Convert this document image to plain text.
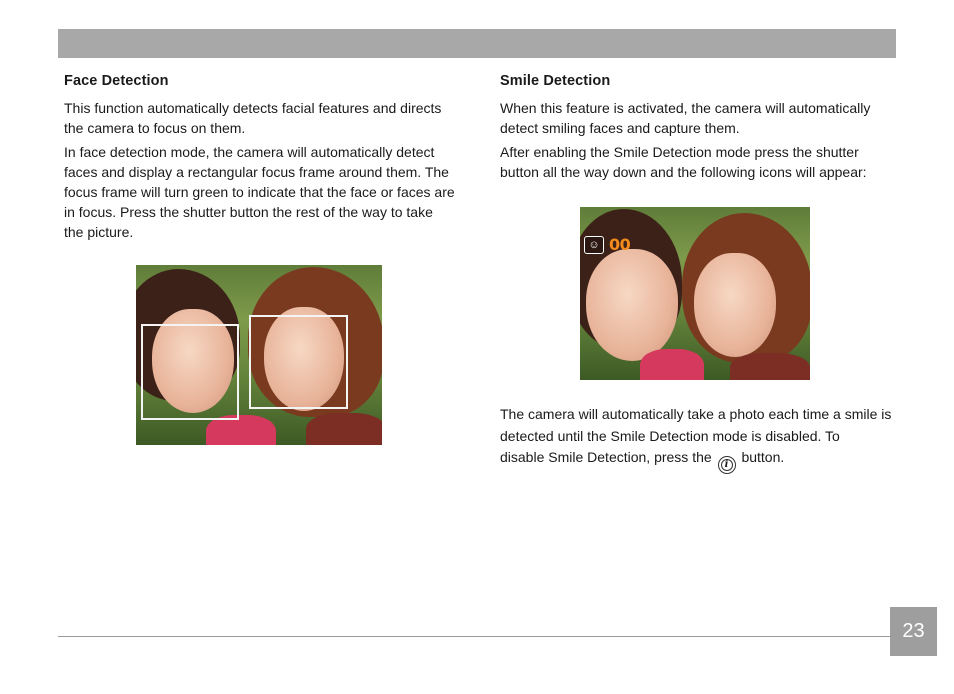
Face Detection

This function automatically detects facial features and directs the camera to focus on them.

In face detection mode, the camera will automatically detect faces and display a rectangular focus frame around them. The focus frame will turn green to indicate that the face or faces are in focus. Press the shutter button the rest of the way to take the picture.

Smile Detection

When this feature is activated, the camera will automatically detect smiling faces and capture them.

After enabling the Smile Detection mode press the shutter button all the way down and the following icons will appear:

☺ 00

The camera will automatically take a photo each time a smile is detected until the Smile Detection mode is disabled. To

disable Smile Detection, press the i button.

23
